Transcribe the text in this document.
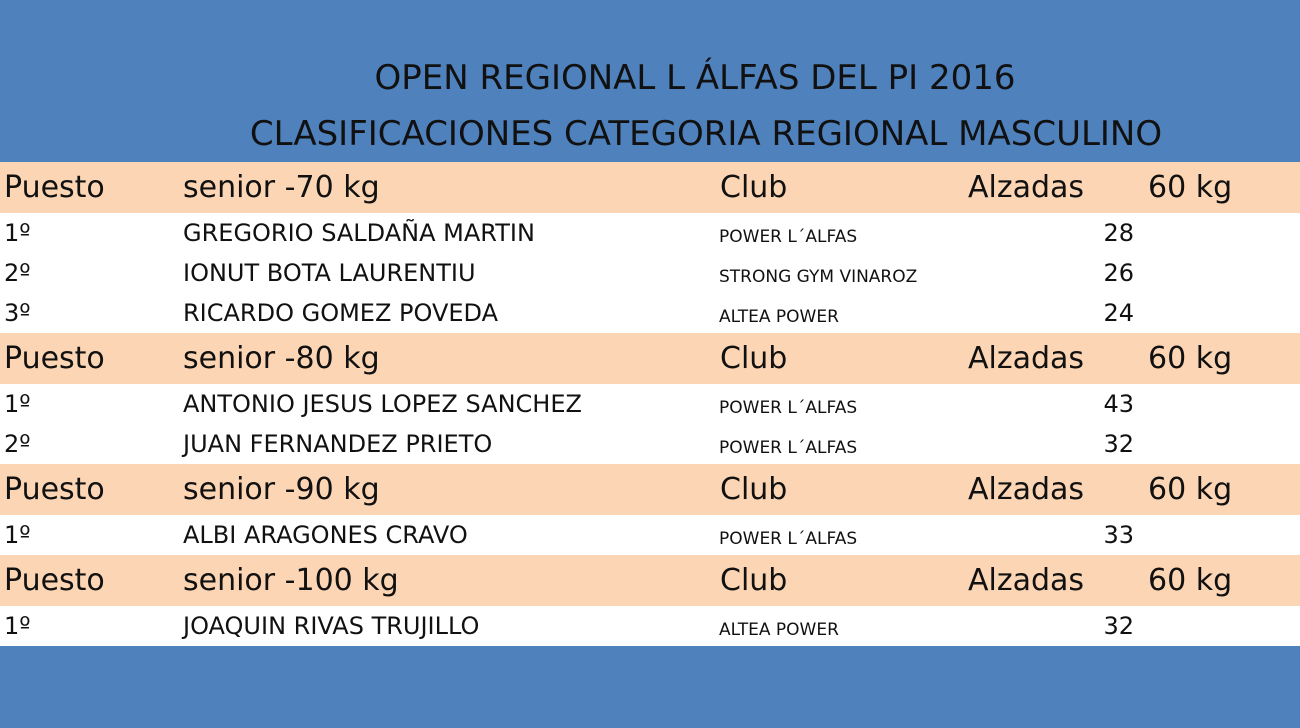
OPEN REGIONAL L ÁLFAS DEL PI 2016
CLASIFICACIONES CATEGORIA REGIONAL MASCULINO
Puesto	senior -70 kg	Club	Alzadas 60 kg
1º	GREGORIO SALDAÑA MARTIN	POWER L´ALFAS	28
2º	IONUT BOTA LAURENTIU	STRONG GYM VINAROZ	26
3º	RICARDO GOMEZ POVEDA	ALTEA POWER	24
Puesto	senior -80 kg	Club	Alzadas 60 kg
1º	ANTONIO JESUS LOPEZ SANCHEZ	POWER L´ALFAS	43
2º	JUAN FERNANDEZ PRIETO	POWER L´ALFAS	32
Puesto	senior -90 kg	Club	Alzadas 60 kg
1º	ALBI ARAGONES CRAVO	POWER L´ALFAS	33
Puesto	senior -100 kg	Club	Alzadas 60 kg
1º	JOAQUIN RIVAS TRUJILLO	ALTEA POWER	32
